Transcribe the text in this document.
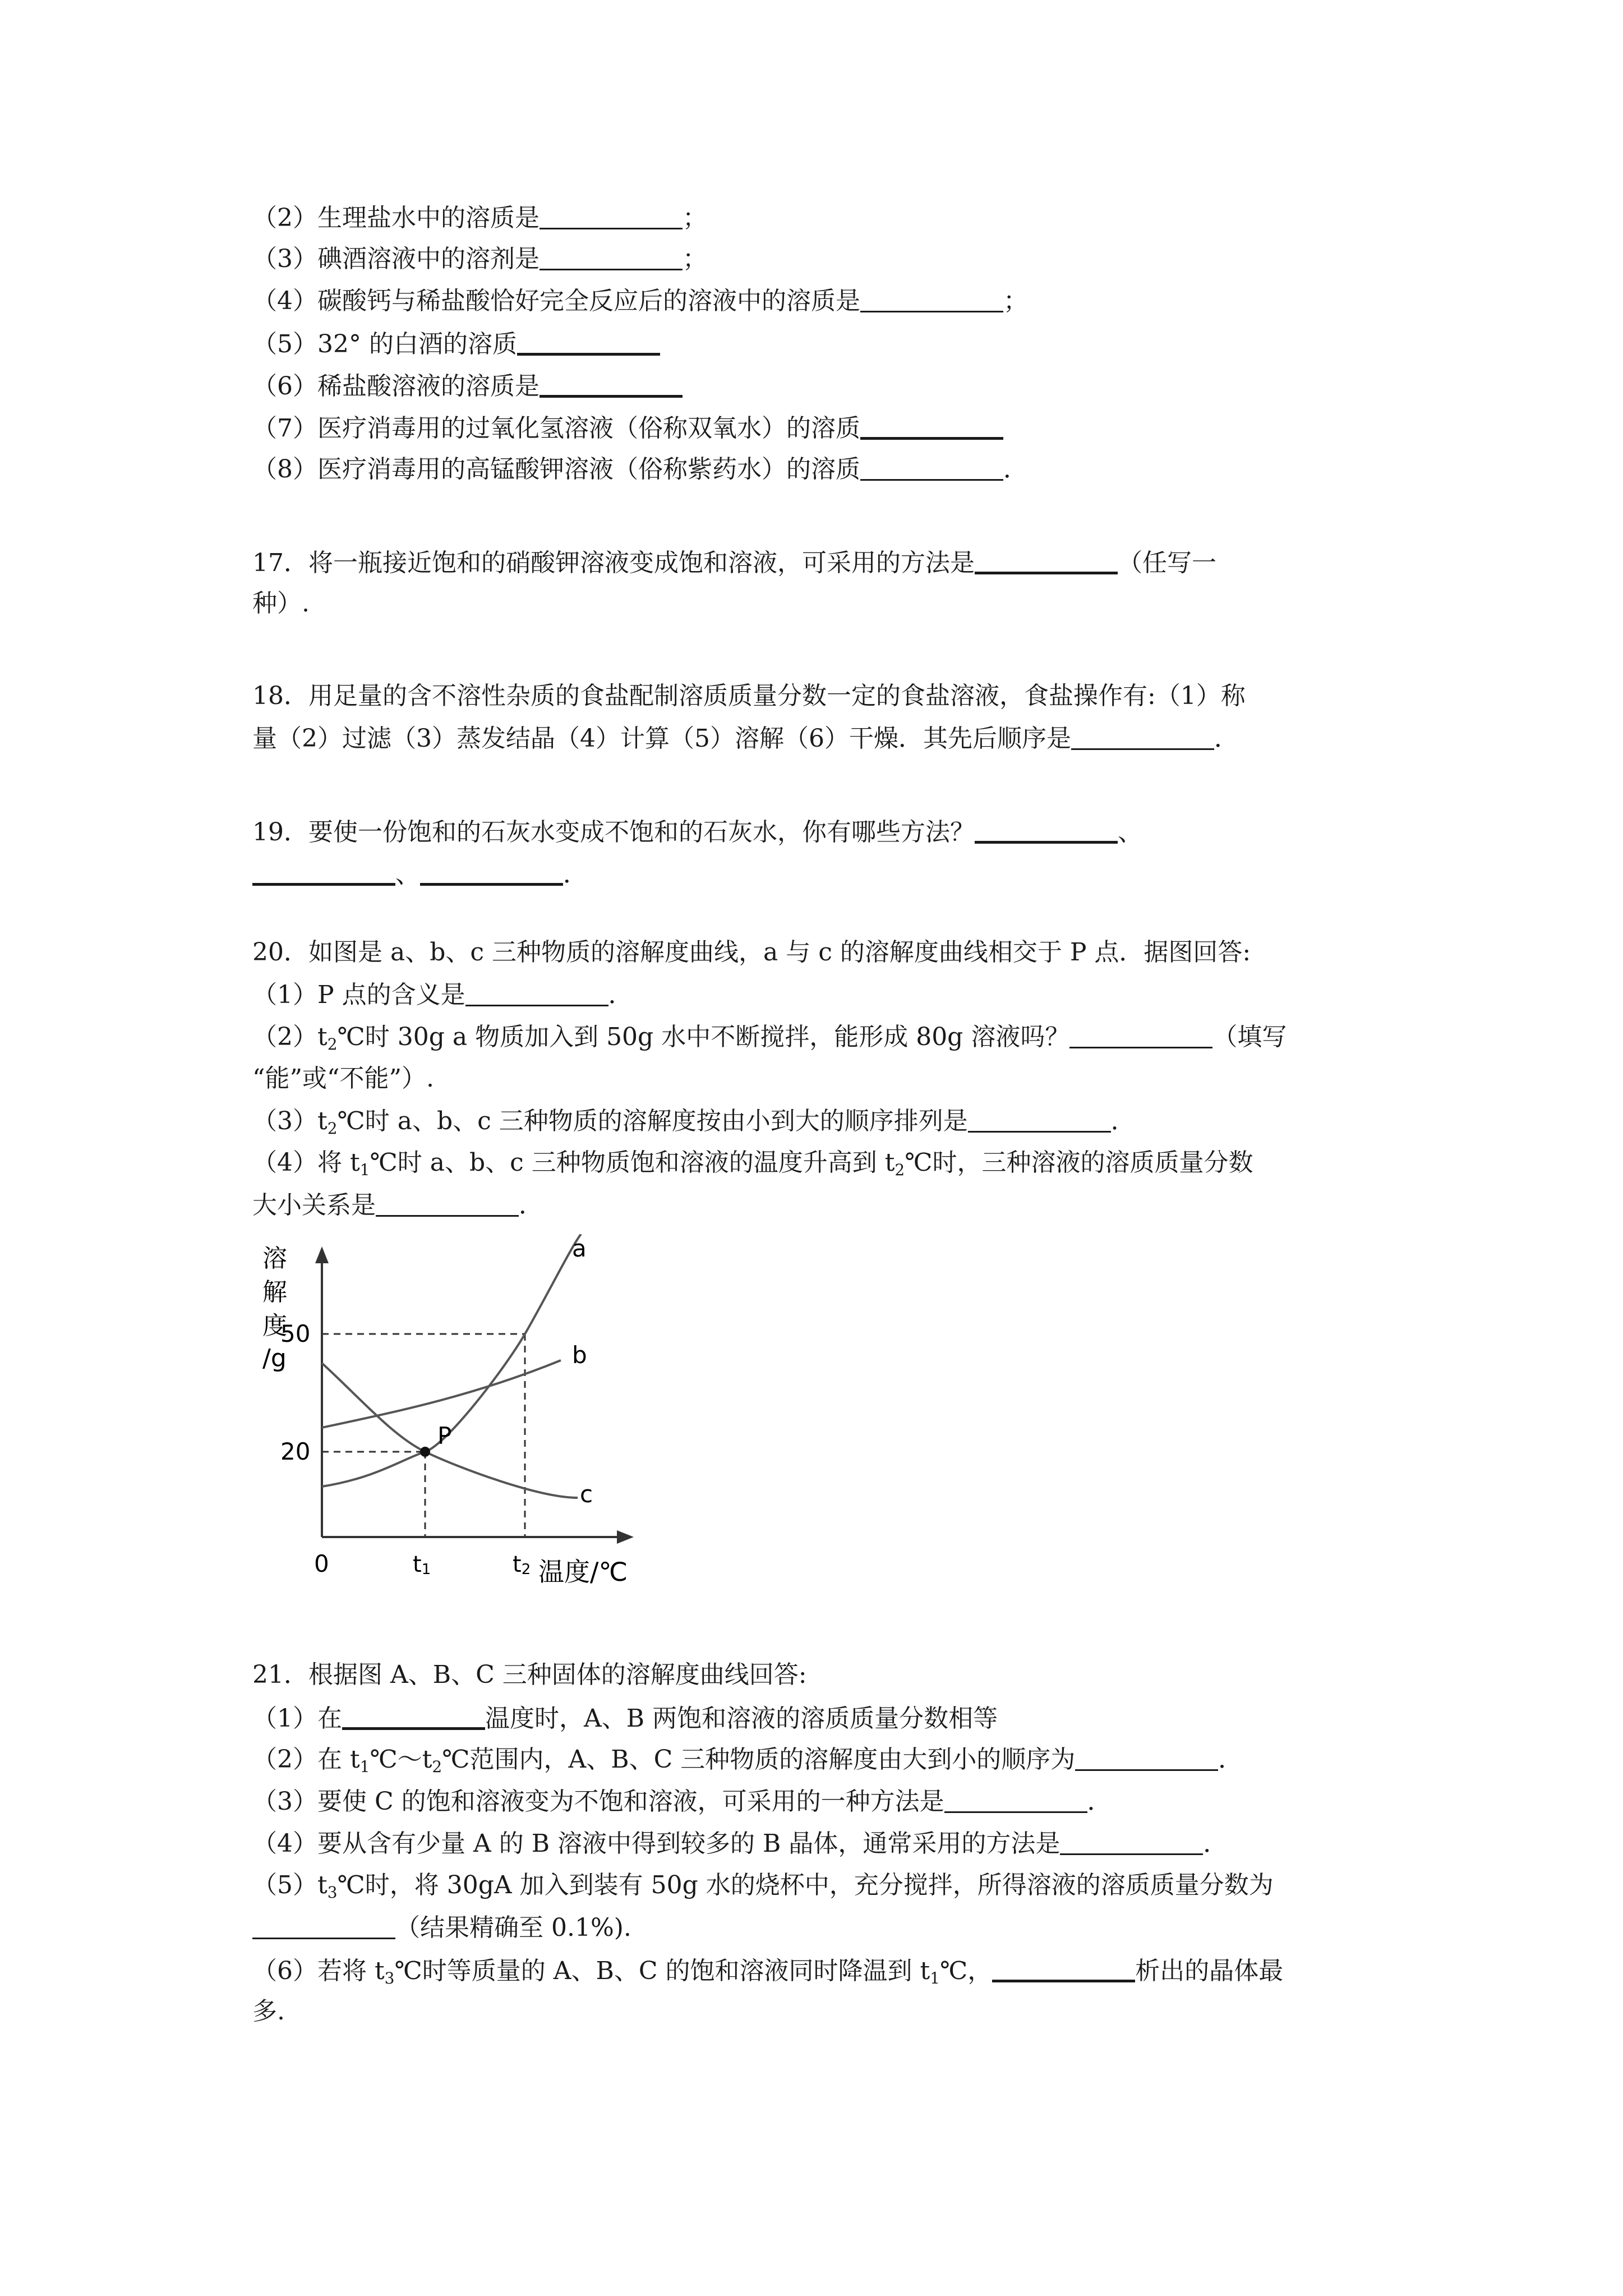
（2）生理盐水中的溶质是	；
（3）碘酒溶液中的溶剂是	；
（4）碳酸钙与稀盐酸恰好完全反应后的溶液中的溶质是	；
（5）32° 的白酒的溶质
（6）稀盐酸溶液的溶质是
（7）医疗消毒用的过氧化氢溶液（俗称双氧水）的溶质
（8）医疗消毒用的高锰酸钾溶液（俗称紫药水）的溶质	．
17．将一瓶接近饱和的硝酸钾溶液变成饱和溶液，可采用的方法是	（任写一
种）.
18．用足量的含不溶性杂质的食盐配制溶质质量分数一定的食盐溶液，食盐操作有:（1）称
量（2）过滤（3）蒸发结晶（4）计算（5）溶解（6）干燥．其先后顺序是	．
19．要使一份饱和的石灰水变成不饱和的石灰水，你有哪些方法？	、
、	．
20．如图是 a、b、c 三种物质的溶解度曲线，a 与 c 的溶解度曲线相交于 P 点．据图回答:
（1）P 点的含义是	．
$(2)t_2℃$时 30g a 物质加入到 50g 水中不断搅拌，能形成 80g 溶液吗？	（填写
“能”或“不能”）.
$(3)t_2℃$时 a、b、c 三种物质的溶解度按由小到大的顺序排列是	．
（4）将 $t_1℃$时 a、b、c 三种物质饱和溶液的温度升高到 $t_2℃$时，三种溶液的溶质质量分数
大小关系是	．
溶
解
度
/g
a
b
c
P
50
20
0	t1	t2 温度/℃
21．根据图 A、B、C 三种固体的溶解度曲线回答:
（1）在	温度时，A、B 两饱和溶液的溶质质量分数相等
（2）在 $t_1℃\sim t_2℃$范围内，A、B、C 三种物质的溶解度由大到小的顺序为	．
（3）要使 C 的饱和溶液变为不饱和溶液，可采用的一种方法是	．
（4）要从含有少量 A 的 B 溶液中得到较多的 B 晶体，通常采用的方法是	．
$(5)t_3℃$时，将 30gA 加入到装有 50g 水的烧杯中，充分搅拌，所得溶液的溶质质量分数为
（结果精确至 0.1%).
（6）若将 $t_3℃$时等质量的 A、B、C 的饱和溶液同时降温到 $t_1℃$，	析出的晶体最
多.
